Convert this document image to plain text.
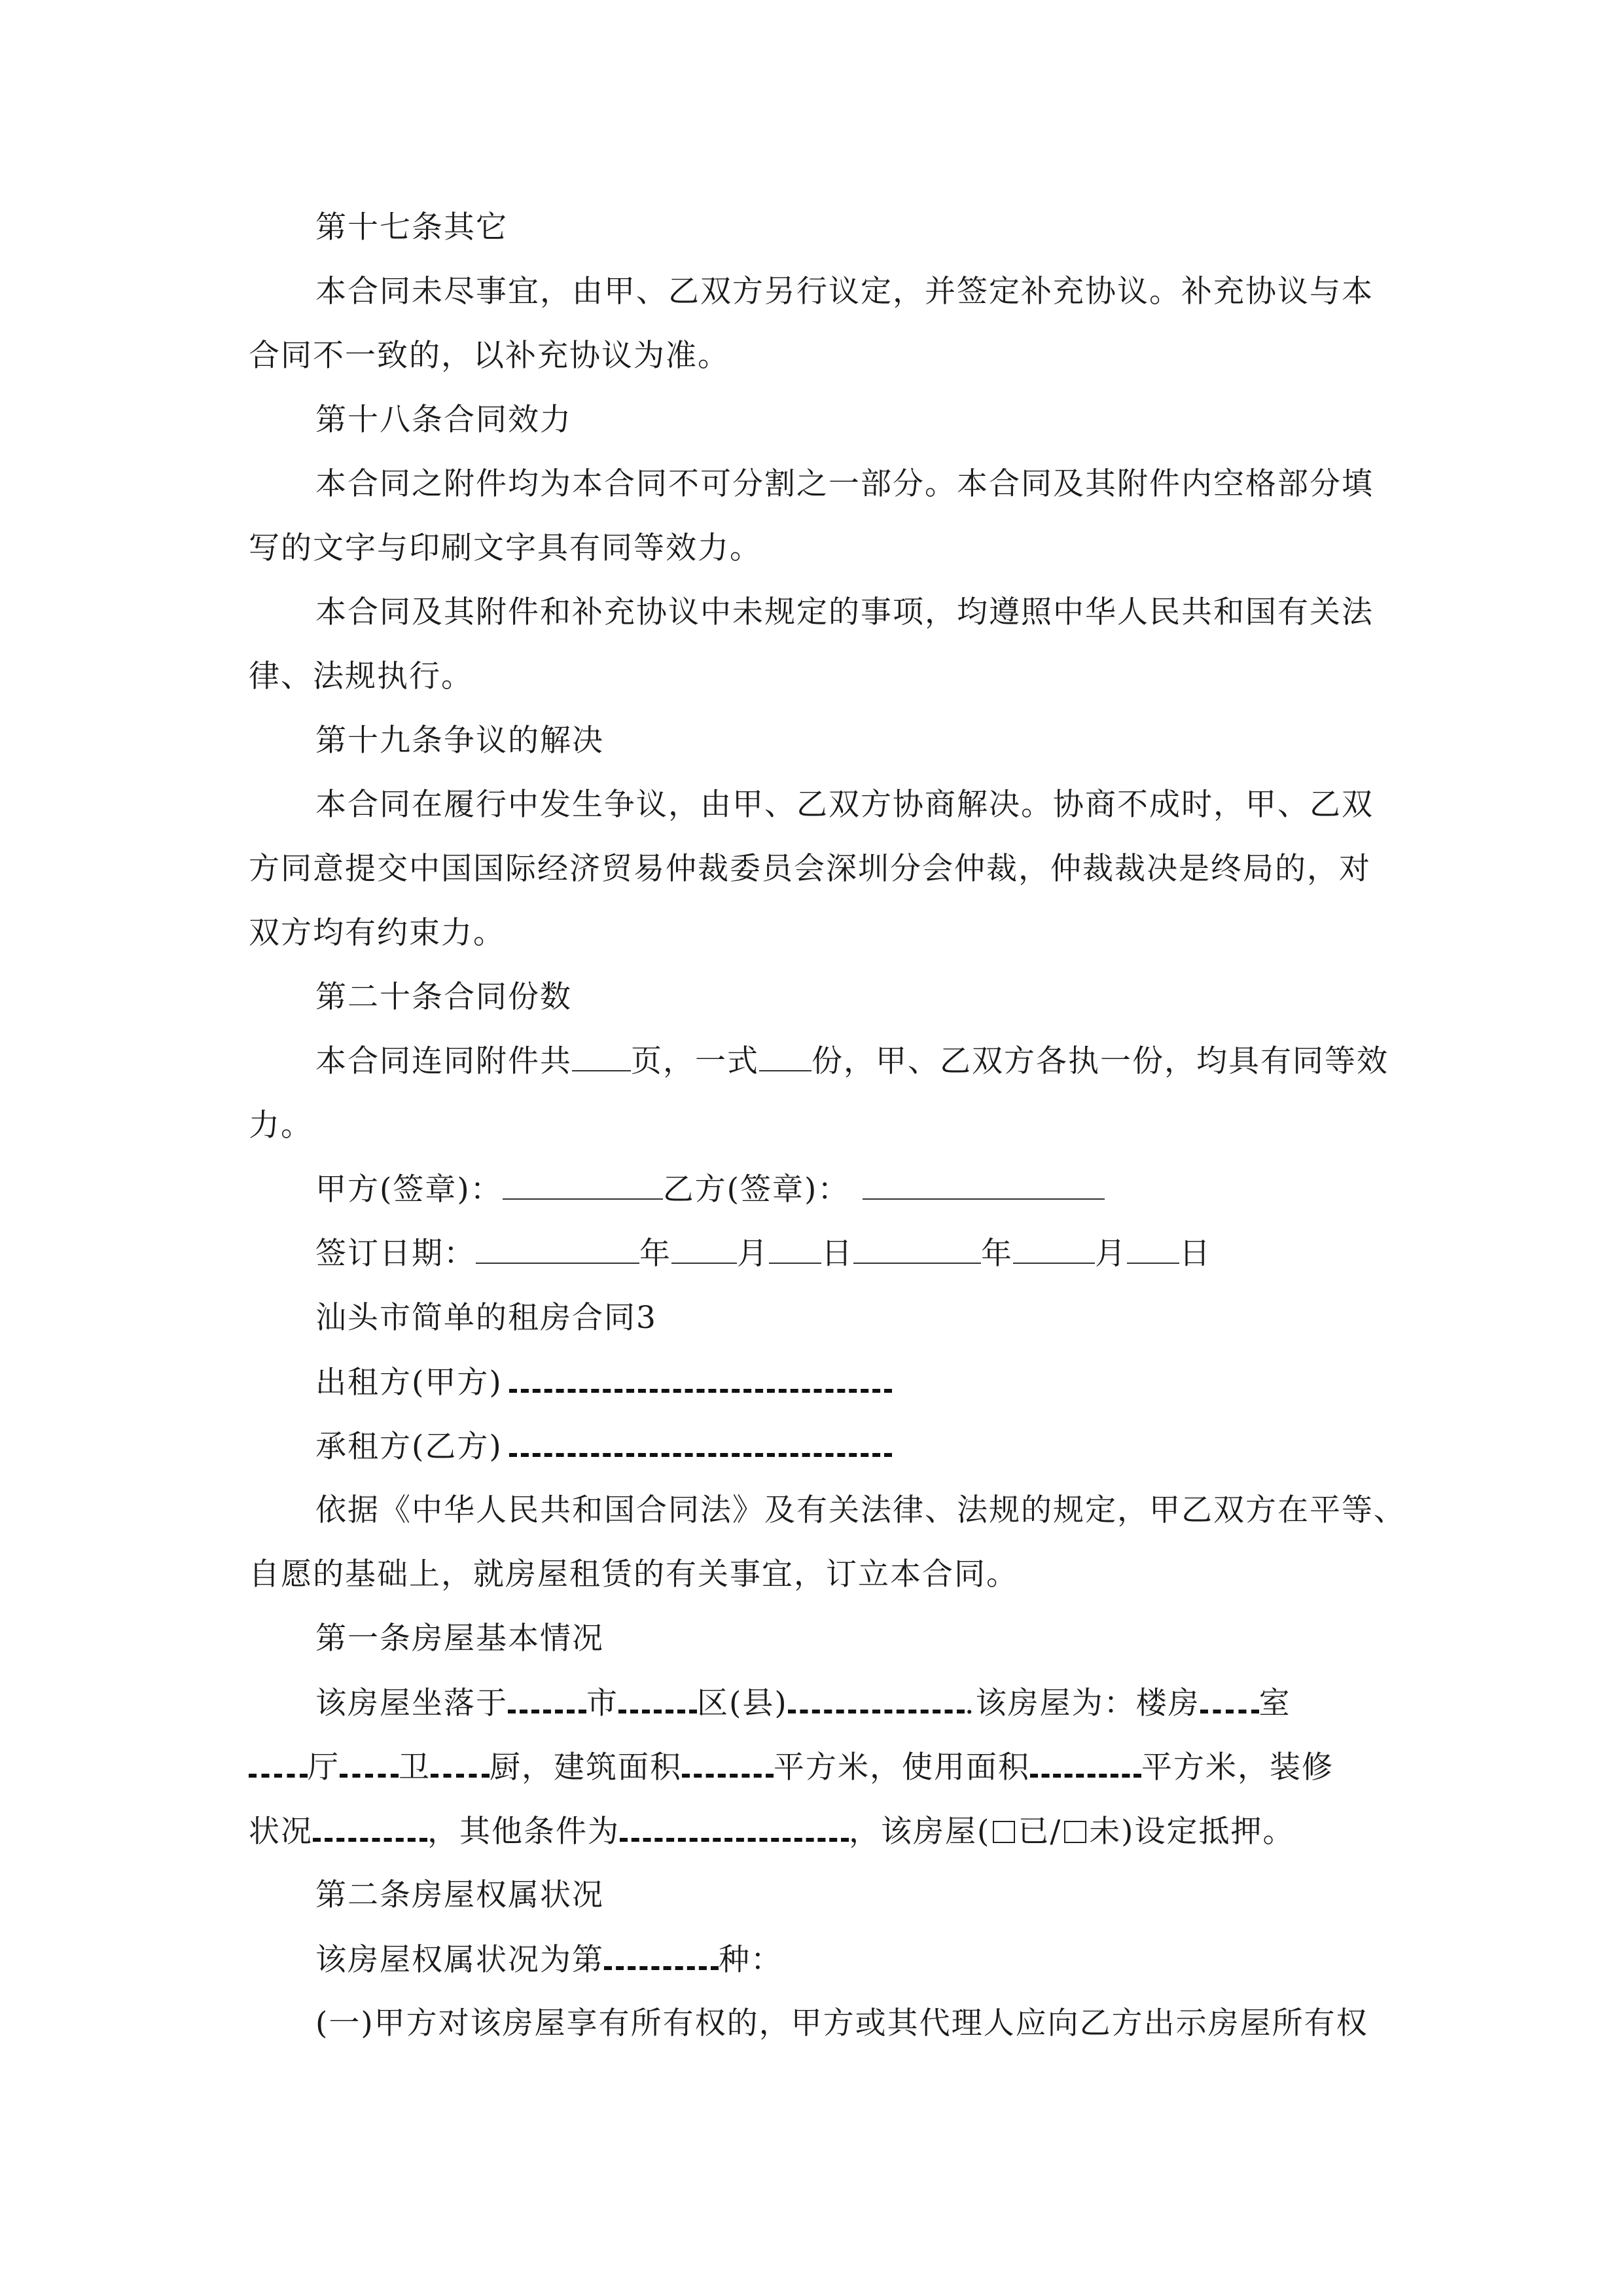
第十七条其它
本合同未尽事宜，由甲、乙双方另行议定，并签定补充协议。补充协议与本
合同不一致的，以补充协议为准。
第十八条合同效力
本合同之附件均为本合同不可分割之一部分。本合同及其附件内空格部分填
写的文字与印刷文字具有同等效力。
本合同及其附件和补充协议中未规定的事项，均遵照中华人民共和国有关法
律、法规执行。
第十九条争议的解决
本合同在履行中发生争议，由甲、乙双方协商解决。协商不成时，甲、乙双
方同意提交中国国际经济贸易仲裁委员会深圳分会仲裁，仲裁裁决是终局的，对
双方均有约束力。
第二十条合同份数
本合同连同附件共 页，一式 份，甲、乙双方各执一份，均具有同等效
力。
甲方(签章)：	乙方(签章)：
签订日期：	年 月 日	年	月 日
汕头市简单的租房合同3
出租方(甲方)
承租方(乙方)
依据《中华人民共和国合同法》及有关法律、法规的规定，甲乙双方在平等、
自愿的基础上，就房屋租赁的有关事宜，订立本合同。
第一条房屋基本情况
该房屋坐落于	市	区(县)	.该房屋为：楼房 室
厅 卫 厨，建筑面积	平方米，使用面积	平方米，装修
状况	，其他条件为	，该房屋( 已/ 未)设定抵押。
第二条房屋权属状况
该房屋权属状况为第	种：
(一)甲方对该房屋享有所有权的，甲方或其代理人应向乙方出示房屋所有权
